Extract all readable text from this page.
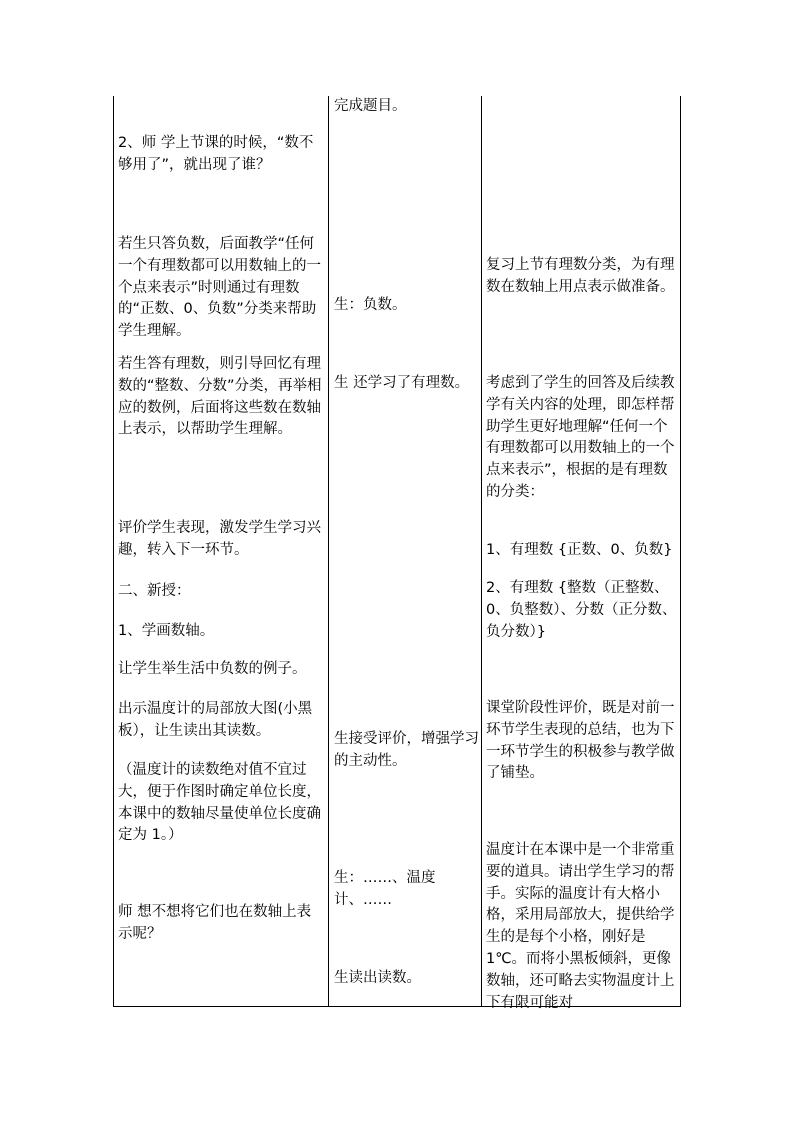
2、师 学上节课的时候，“数不够用了”，就出现了谁？
若生只答负数，后面教学“任何一个有理数都可以用数轴上的一个点来表示”时则通过有理数的“正数、0、负数”分类来帮助学生理解。
若生答有理数，则引导回忆有理数的“整数、分数”分类，再举相应的数例，后面将这些数在数轴上表示，以帮助学生理解。
评价学生表现，激发学生学习兴趣，转入下一环节。
二、新授：
1、学画数轴。
让学生举生活中负数的例子。
出示温度计的局部放大图(小黑板），让生读出其读数。
（温度计的读数绝对值不宜过大，便于作图时确定单位长度，本课中的数轴尽量使单位长度确定为 1。）
师 想不想将它们也在数轴上表示呢？
完成题目。
生：负数。
生 还学习了有理数。
生接受评价，增强学习的主动性。
生：……、温度计、……
生读出读数。
复习上节有理数分类，为有理数在数轴上用点表示做准备。
考虑到了学生的回答及后续教学有关内容的处理，即怎样帮助学生更好地理解“任何一个有理数都可以用数轴上的一个点来表示”，根据的是有理数的分类：
1、有理数 {正数、0、负数}
2、有理数 {整数（正整数、0、负整数）、分数（正分数、负分数）}
课堂阶段性评价，既是对前一环节学生表现的总结，也为下一环节学生的积极参与教学做了铺垫。
温度计在本课中是一个非常重要的道具。请出学生学习的帮手。实际的温度计有大格小格，采用局部放大，提供给学生的是每个小格，刚好是 1℃。而将小黑板倾斜，更像数轴，还可略去实物温度计上下有限可能对
